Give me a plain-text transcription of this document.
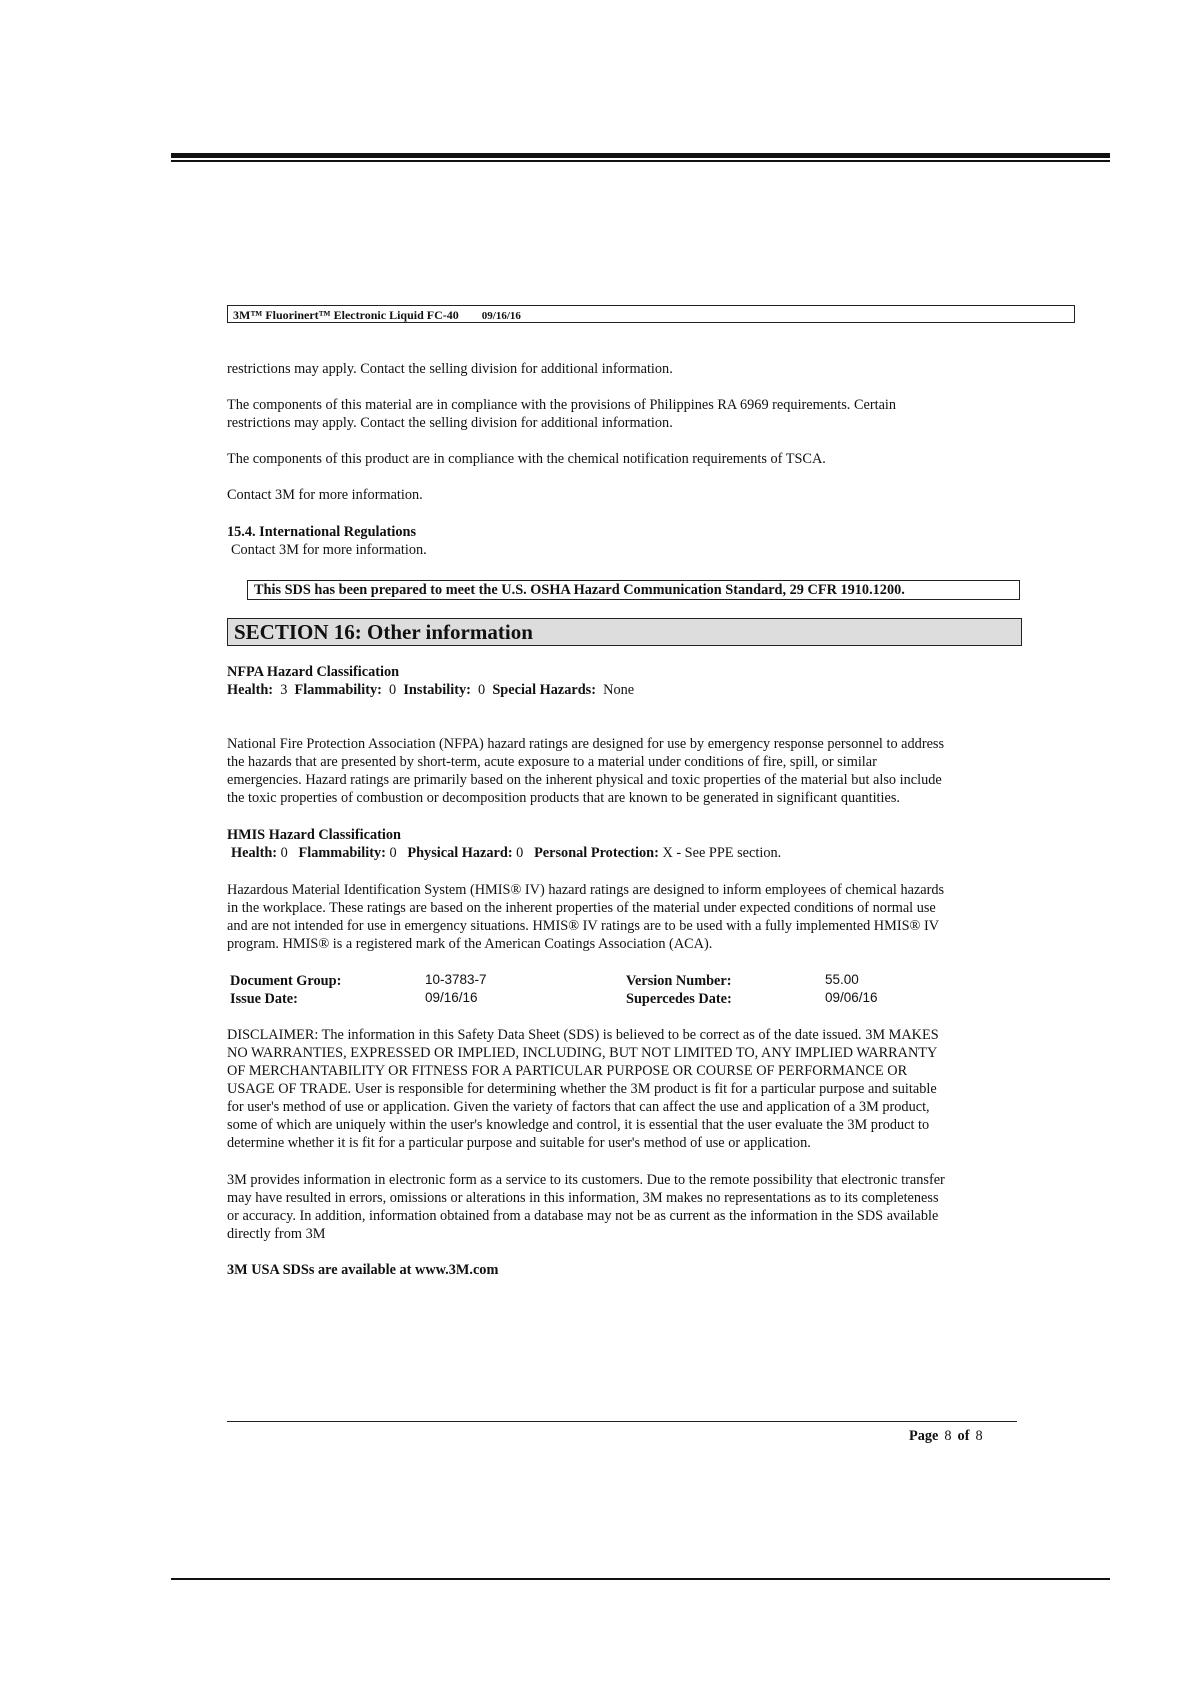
3M™ Fluorinert™ Electronic Liquid FC-40 09/16/16
restrictions may apply. Contact the selling division for additional information.
The components of this material are in compliance with the provisions of Philippines RA 6969 requirements. Certain
restrictions may apply. Contact the selling division for additional information.
The components of this product are in compliance with the chemical notification requirements of TSCA.
Contact 3M for more information.
15.4. International Regulations
Contact 3M for more information.
This SDS has been prepared to meet the U.S. OSHA Hazard Communication Standard, 29 CFR 1910.1200.
SECTION 16: Other information
NFPA Hazard Classification
Health: 3 Flammability: 0 Instability: 0 Special Hazards: None
National Fire Protection Association (NFPA) hazard ratings are designed for use by emergency response personnel to address
the hazards that are presented by short-term, acute exposure to a material under conditions of fire, spill, or similar
emergencies. Hazard ratings are primarily based on the inherent physical and toxic properties of the material but also include
the toxic properties of combustion or decomposition products that are known to be generated in significant quantities.
HMIS Hazard Classification
Health: 0 Flammability: 0 Physical Hazard: 0 Personal Protection: X - See PPE section.
Hazardous Material Identification System (HMIS® IV) hazard ratings are designed to inform employees of chemical hazards
in the workplace. These ratings are based on the inherent properties of the material under expected conditions of normal use
and are not intended for use in emergency situations. HMIS® IV ratings are to be used with a fully implemented HMIS® IV
program. HMIS® is a registered mark of the American Coatings Association (ACA).
Document Group:	10-3783-7	Version Number:	55.00
Issue Date:	09/16/16	Supercedes Date:	09/06/16
DISCLAIMER: The information in this Safety Data Sheet (SDS) is believed to be correct as of the date issued. 3M MAKES
NO WARRANTIES, EXPRESSED OR IMPLIED, INCLUDING, BUT NOT LIMITED TO, ANY IMPLIED WARRANTY
OF MERCHANTABILITY OR FITNESS FOR A PARTICULAR PURPOSE OR COURSE OF PERFORMANCE OR
USAGE OF TRADE. User is responsible for determining whether the 3M product is fit for a particular purpose and suitable
for user's method of use or application. Given the variety of factors that can affect the use and application of a 3M product,
some of which are uniquely within the user's knowledge and control, it is essential that the user evaluate the 3M product to
determine whether it is fit for a particular purpose and suitable for user's method of use or application.
3M provides information in electronic form as a service to its customers. Due to the remote possibility that electronic transfer
may have resulted in errors, omissions or alterations in this information, 3M makes no representations as to its completeness
or accuracy. In addition, information obtained from a database may not be as current as the information in the SDS available
directly from 3M
3M USA SDSs are available at www.3M.com
Page 8 of 8
